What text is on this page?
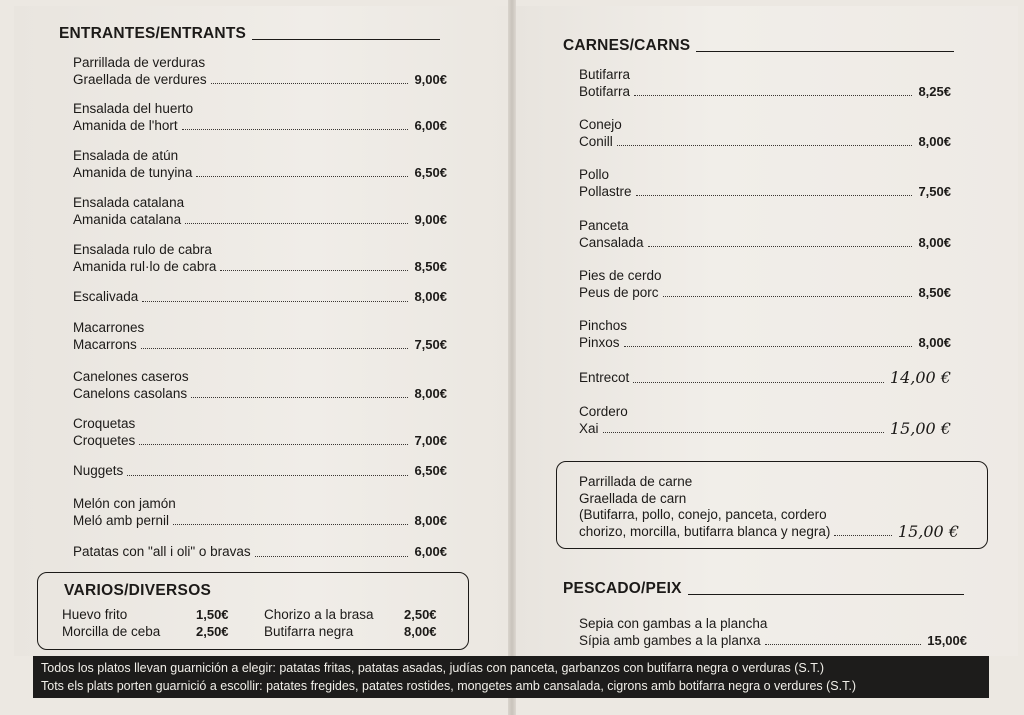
ENTRANTES/ENTRANTS
Parrillada de verduras
Graellada de verdures	9,00€
Ensalada del huerto
Amanida de l'hort	6,00€
Ensalada de atún
Amanida de tunyina	6,50€
Ensalada catalana
Amanida catalana	9,00€
Ensalada rulo de cabra
Amanida rul·lo de cabra	8,50€
Escalivada	8,00€
Macarrones
Macarrons	7,50€
Canelones caseros
Canelons casolans	8,00€
Croquetas
Croquetes	7,00€
Nuggets	6,50€
Melón con jamón
Meló amb pernil	8,00€
Patatas con "all i oli" o bravas	6,00€
VARIOS/DIVERSOS
Huevo frito	1,50€	Chorizo a la brasa	2,50€
Morcilla de ceba	2,50€	Butifarra negra	8,00€
CARNES/CARNS
Butifarra
Botifarra	8,25€
Conejo
Conill	8,00€
Pollo
Pollastre	7,50€
Panceta
Cansalada	8,00€
Pies de cerdo
Peus de porc	8,50€
Pinchos
Pinxos	8,00€
Entrecot	14,00 €
Cordero
Xai	15,00 €
Parrillada de carne
Graellada de carn
(Butifarra, pollo, conejo, panceta, cordero
chorizo, morcilla, butifarra blanca y negra)	15,00 €
PESCADO/PEIX
Sepia con gambas a la plancha
Sípia amb gambes a la planxa	15,00€
Todos los platos llevan guarnición a elegir: patatas fritas, patatas asadas, judías con panceta, garbanzos con butifarra negra o verduras (S.T.)
Tots els plats porten guarnició a escollir: patates fregides, patates rostides, mongetes amb cansalada, cigrons amb botifarra negra o verdures (S.T.)
